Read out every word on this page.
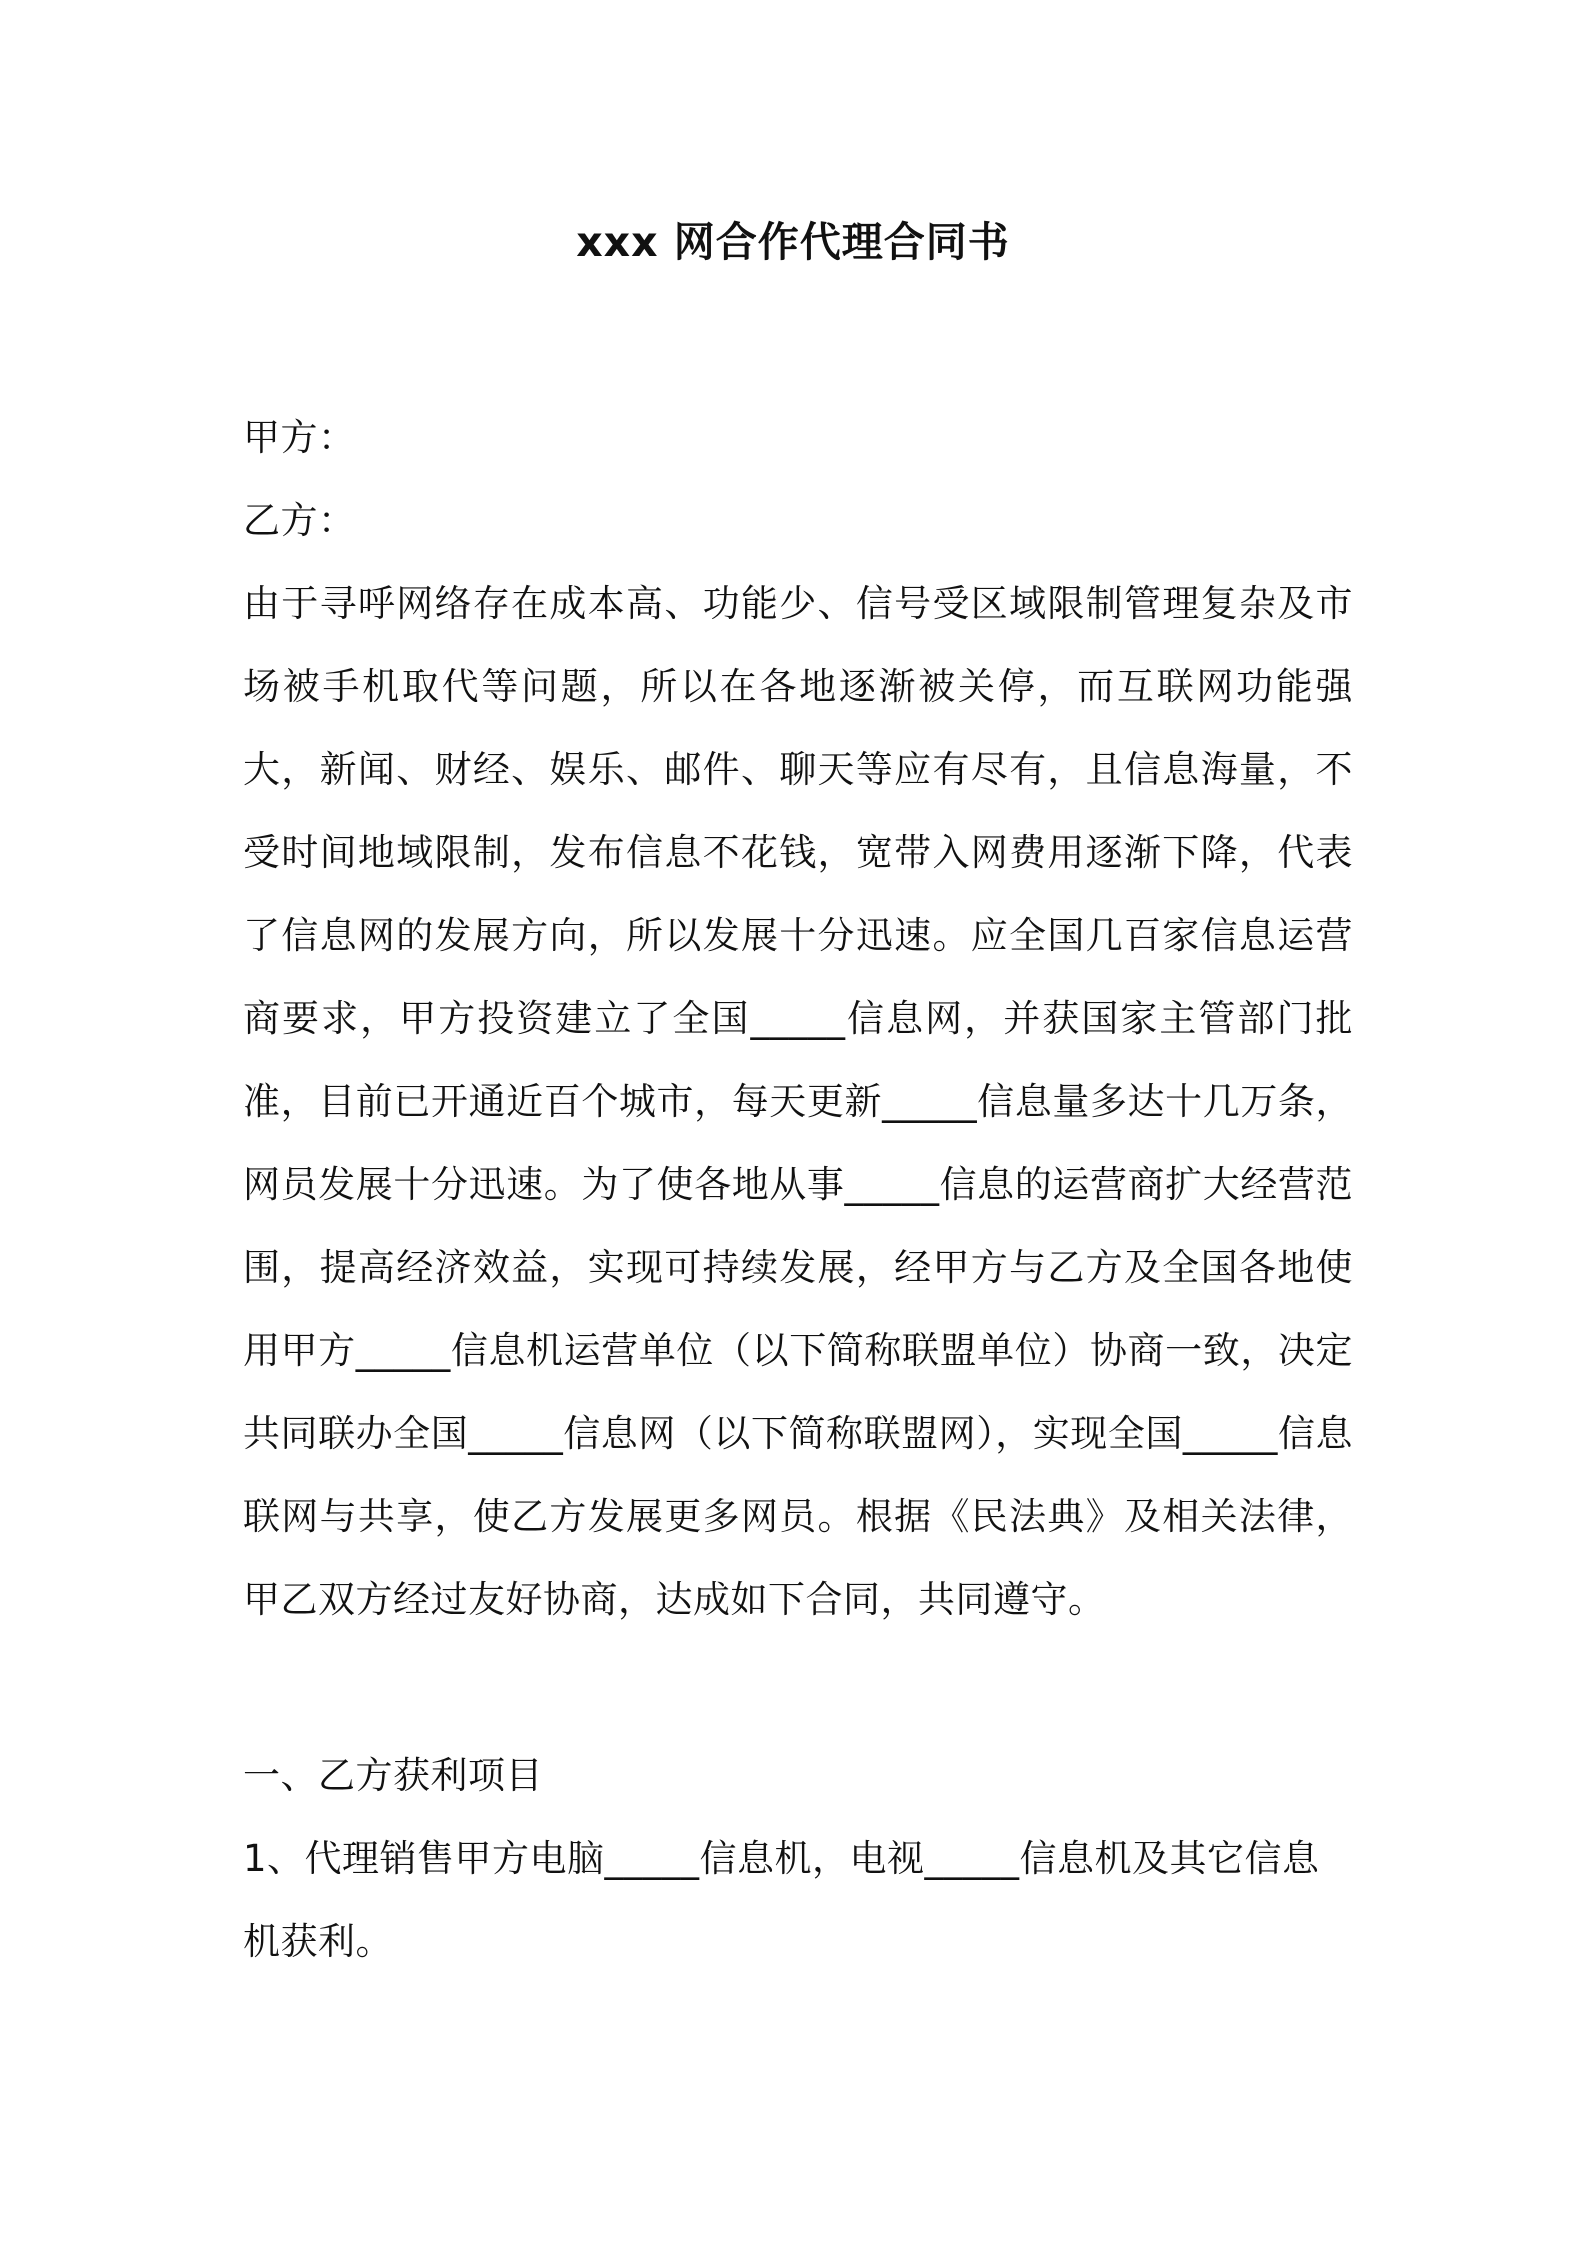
xxx 网合作代理合同书

甲方：

乙方：

由于寻呼网络存在成本高、功能少、信号受区域限制管理复杂及市场被手机取代等问题，所以在各地逐渐被关停，而互联网功能强大，新闻、财经、娱乐、邮件、聊天等应有尽有，且信息海量，不受时间地域限制，发布信息不花钱，宽带入网费用逐渐下降，代表了信息网的发展方向，所以发展十分迅速。应全国几百家信息运营商要求，甲方投资建立了全国_____信息网，并获国家主管部门批准，目前已开通近百个城市，每天更新_____信息量多达十几万条，网员发展十分迅速。为了使各地从事_____信息的运营商扩大经营范围，提高经济效益，实现可持续发展，经甲方与乙方及全国各地使用甲方_____信息机运营单位（以下简称联盟单位）协商一致，决定共同联办全国_____信息网（以下简称联盟网），实现全国_____信息联网与共享，使乙方发展更多网员。根据《民法典》及相关法律，甲乙双方经过友好协商，达成如下合同，共同遵守。

一、乙方获利项目

1、代理销售甲方电脑_____信息机，电视_____信息机及其它信息机获利。
